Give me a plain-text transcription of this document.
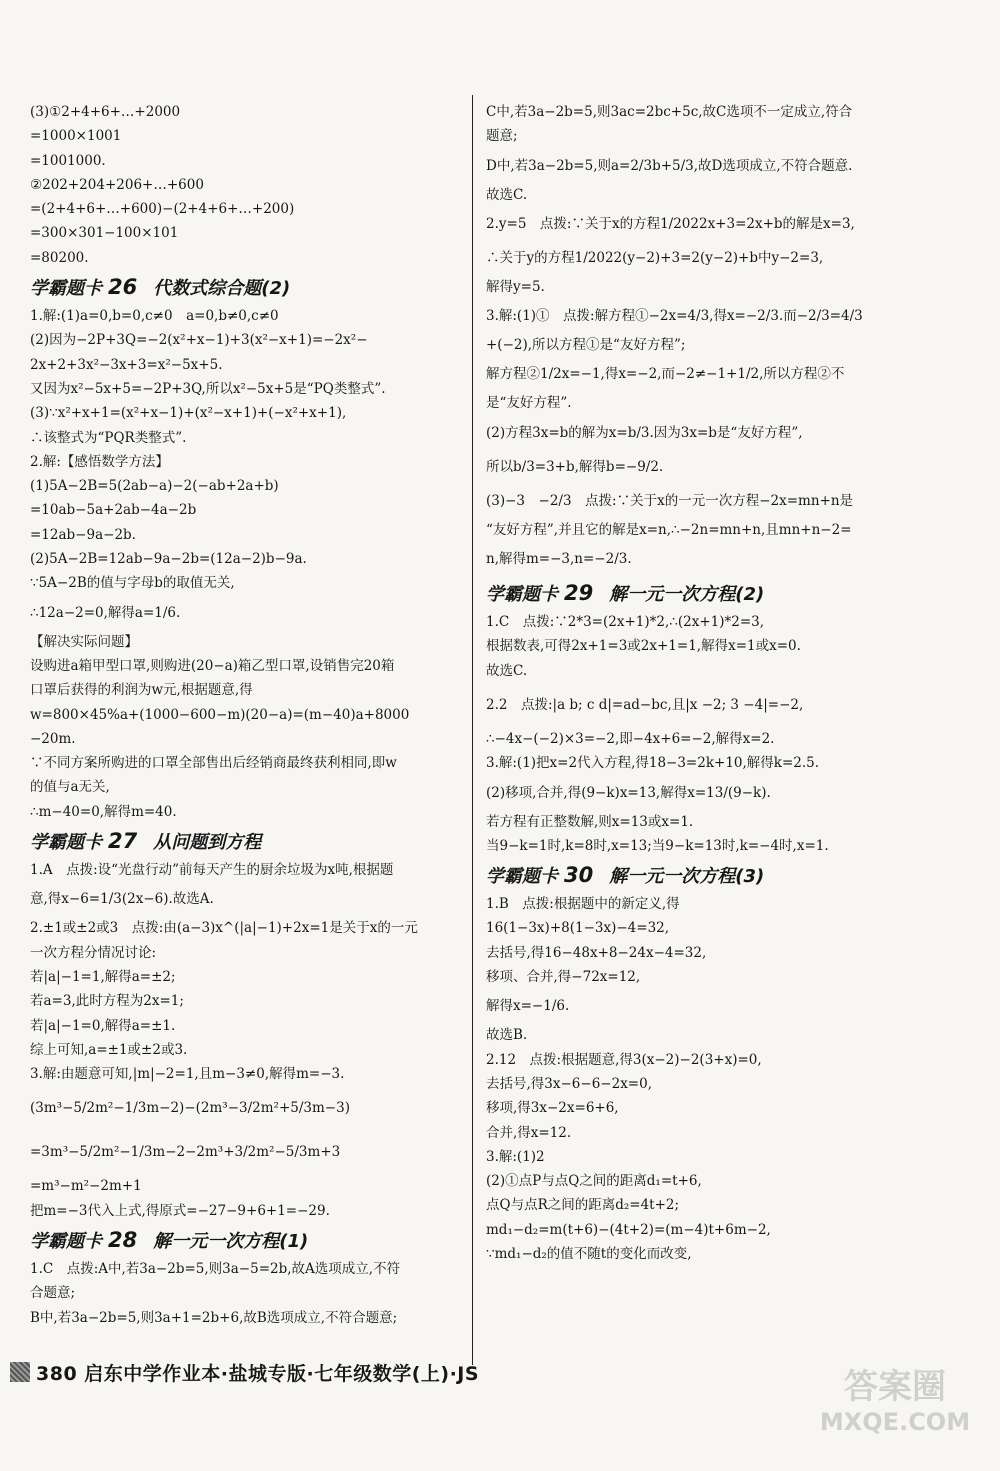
(3)①2+4+6+…+2000
=1000×1001
=1001000.
②202+204+206+…+600
=(2+4+6+…+600)−(2+4+6+…+200)
=300×301−100×101
=80200.
学霸题卡 26 代数式综合题(2)
1.解:(1)a=0,b=0,c≠0　a=0,b≠0,c≠0
(2)因为−2P+3Q=−2(x²+x−1)+3(x²−x+1)=−2x²−
2x+2+3x²−3x+3=x²−5x+5.
又因为x²−5x+5=−2P+3Q,所以x²−5x+5是“PQ类整式”.
(3)∵x²+x+1=(x²+x−1)+(x²−x+1)+(−x²+x+1),
∴该整式为“PQR类整式”.
2.解:【感悟数学方法】
(1)5A−2B=5(2ab−a)−2(−ab+2a+b)
=10ab−5a+2ab−4a−2b
=12ab−9a−2b.
(2)5A−2B=12ab−9a−2b=(12a−2)b−9a.
∵5A−2B的值与字母b的取值无关,
∴12a−2=0,解得a=1/6.
【解决实际问题】
设购进a箱甲型口罩,则购进(20−a)箱乙型口罩,设销售完20箱
口罩后获得的利润为w元,根据题意,得
w=800×45%a+(1000−600−m)(20−a)=(m−40)a+8000
−20m.
∵不同方案所购进的口罩全部售出后经销商最终获利相同,即w
的值与a无关,
∴m−40=0,解得m=40.
学霸题卡 27 从问题到方程
1.A　点拨:设“光盘行动”前每天产生的厨余垃圾为x吨,根据题
意,得x−6=1/3(2x−6).故选A.
2.±1或±2或3　点拨:由(a−3)x^(|a|−1)+2x=1是关于x的一元
一次方程分情况讨论:
若|a|−1=1,解得a=±2;
若a=3,此时方程为2x=1;
若|a|−1=0,解得a=±1.
综上可知,a=±1或±2或3.
3.解:由题意可知,|m|−2=1,且m−3≠0,解得m=−3.
(3m³−5/2m²−1/3m−2)−(2m³−3/2m²+5/3m−3)
=3m³−5/2m²−1/3m−2−2m³+3/2m²−5/3m+3
=m³−m²−2m+1
把m=−3代入上式,得原式=−27−9+6+1=−29.
学霸题卡 28 解一元一次方程(1)
1.C　点拨:A中,若3a−2b=5,则3a−5=2b,故A选项成立,不符
合题意;
B中,若3a−2b=5,则3a+1=2b+6,故B选项成立,不符合题意;
C中,若3a−2b=5,则3ac=2bc+5c,故C选项不一定成立,符合
题意;
D中,若3a−2b=5,则a=2/3b+5/3,故D选项成立,不符合题意.
故选C.
2.y=5　点拨:∵关于x的方程1/2022x+3=2x+b的解是x=3,
∴关于y的方程1/2022(y−2)+3=2(y−2)+b中y−2=3,
解得y=5.
3.解:(1)①　点拨:解方程①−2x=4/3,得x=−2/3.而−2/3=4/3
+(−2),所以方程①是“友好方程”;
解方程②1/2x=−1,得x=−2,而−2≠−1+1/2,所以方程②不
是“友好方程”.
(2)方程3x=b的解为x=b/3.因为3x=b是“友好方程”,
所以b/3=3+b,解得b=−9/2.
(3)−3　−2/3　点拨:∵关于x的一元一次方程−2x=mn+n是
“友好方程”,并且它的解是x=n,∴−2n=mn+n,且mn+n−2=
n,解得m=−3,n=−2/3.
学霸题卡 29 解一元一次方程(2)
1.C　点拨:∵2*3=(2x+1)*2,∴(2x+1)*2=3,
根据数表,可得2x+1=3或2x+1=1,解得x=1或x=0.
故选C.
2.2　点拨:|a b; c d|=ad−bc,且|x −2; 3 −4|=−2,
∴−4x−(−2)×3=−2,即−4x+6=−2,解得x=2.
3.解:(1)把x=2代入方程,得18−3=2k+10,解得k=2.5.
(2)移项,合并,得(9−k)x=13,解得x=13/(9−k).
若方程有正整数解,则x=13或x=1.
当9−k=1时,k=8时,x=13;当9−k=13时,k=−4时,x=1.
学霸题卡 30 解一元一次方程(3)
1.B　点拨:根据题中的新定义,得
16(1−3x)+8(1−3x)−4=32,
去括号,得16−48x+8−24x−4=32,
移项、合并,得−72x=12,
解得x=−1/6.
故选B.
2.12　点拨:根据题意,得3(x−2)−2(3+x)=0,
去括号,得3x−6−6−2x=0,
移项,得3x−2x=6+6,
合并,得x=12.
3.解:(1)2
(2)①点P与点Q之间的距离d₁=t+6,
点Q与点R之间的距离d₂=4t+2;
md₁−d₂=m(t+6)−(4t+2)=(m−4)t+6m−2,
∵md₁−d₂的值不随t的变化而改变,
380 启东中学作业本·盐城专版·七年级数学(上)·JS	答案圈
MXQE.COM
